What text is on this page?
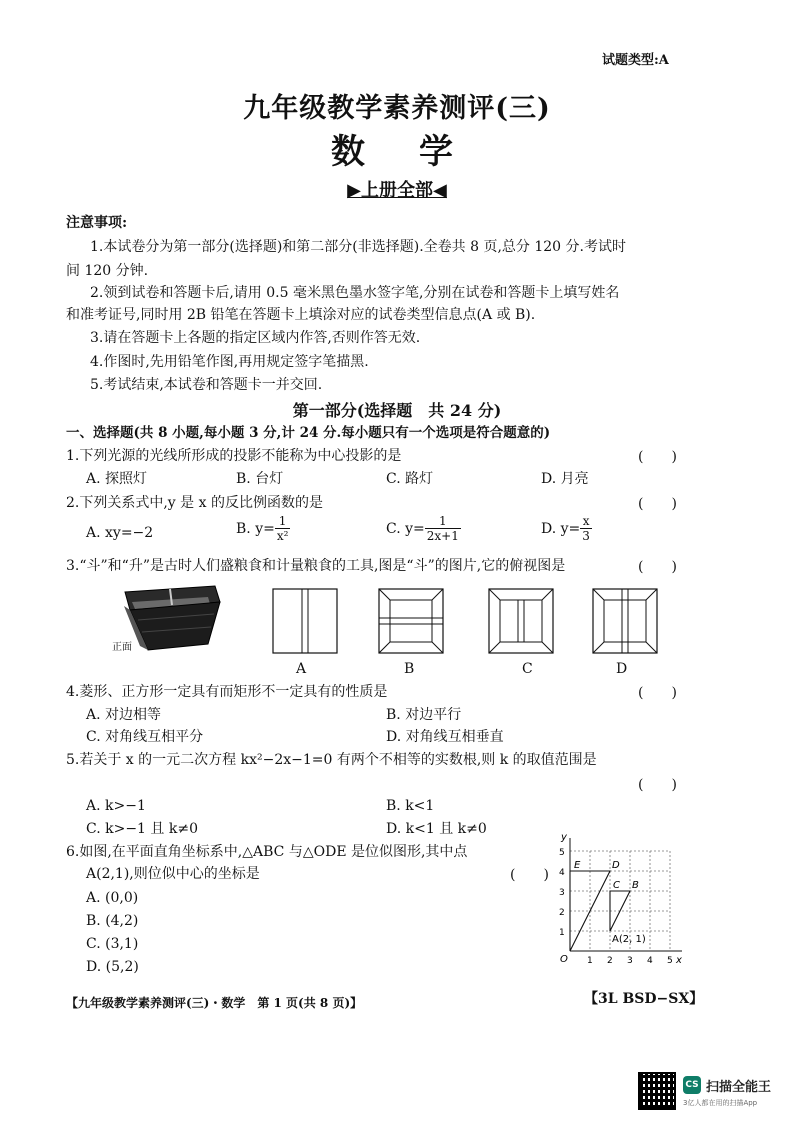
试题类型:A
九年级教学素养测评(三)
数　学
▶上册全部◀
注意事项:
1.本试卷分为第一部分(选择题)和第二部分(非选择题).全卷共 8 页,总分 120 分.考试时
间 120 分钟.
2.领到试卷和答题卡后,请用 0.5 毫米黑色墨水签字笔,分别在试卷和答题卡上填写姓名
和准考证号,同时用 2B 铅笔在答题卡上填涂对应的试卷类型信息点(A 或 B).
3.请在答题卡上各题的指定区域内作答,否则作答无效.
4.作图时,先用铅笔作图,再用规定签字笔描黑.
5.考试结束,本试卷和答题卡一并交回.
第一部分(选择题　共 24 分)
一、选择题(共 8 小题,每小题 3 分,计 24 分.每小题只有一个选项是符合题意的)
1.下列光源的光线所形成的投影不能称为中心投影的是	(　　)
A. 探照灯	B. 台灯	C. 路灯	D. 月亮
2.下列关系式中,y 是 x 的反比例函数的是	(　　)
A. xy=−2	B. $y= \frac{1}{\text{x²}}$	C. $y= \frac{1}{2x+1}$	D. $y= \frac{x}{3}$
3.“斗”和“升”是古时人们盛粮食和计量粮食的工具,图是“斗”的图片,它的俯视图是	(　　)
正面
A	B	C	D
4.菱形、正方形一定具有而矩形不一定具有的性质是	(　　)
A. 对边相等	B. 对边平行
C. 对角线互相平分	D. 对角线互相垂直
5.若关于 x 的一元二次方程 kx²−2x−1=0 有两个不相等的实数根,则 k 的取值范围是
(　　)
A. k>−1	B. k<1
C. k>−1 且 k≠0	D. k<1 且 k≠0
6.如图,在平面直角坐标系中,△ABC 与△ODE 是位似图形,其中点
A(2,1),则位似中心的坐标是	(　　)
A. (0,0)
B. (4,2)
C. (3,1)
D. (5,2)	x
y
5
4
3
2
1
1 2 3 4 5
O
E	D
C B
A(2, 1)
【九年级教学素养测评(三)・数学　第 1 页(共 8 页)】	【3L BSD−SX】
CS 扫描全能王
3亿人都在用的扫描App
